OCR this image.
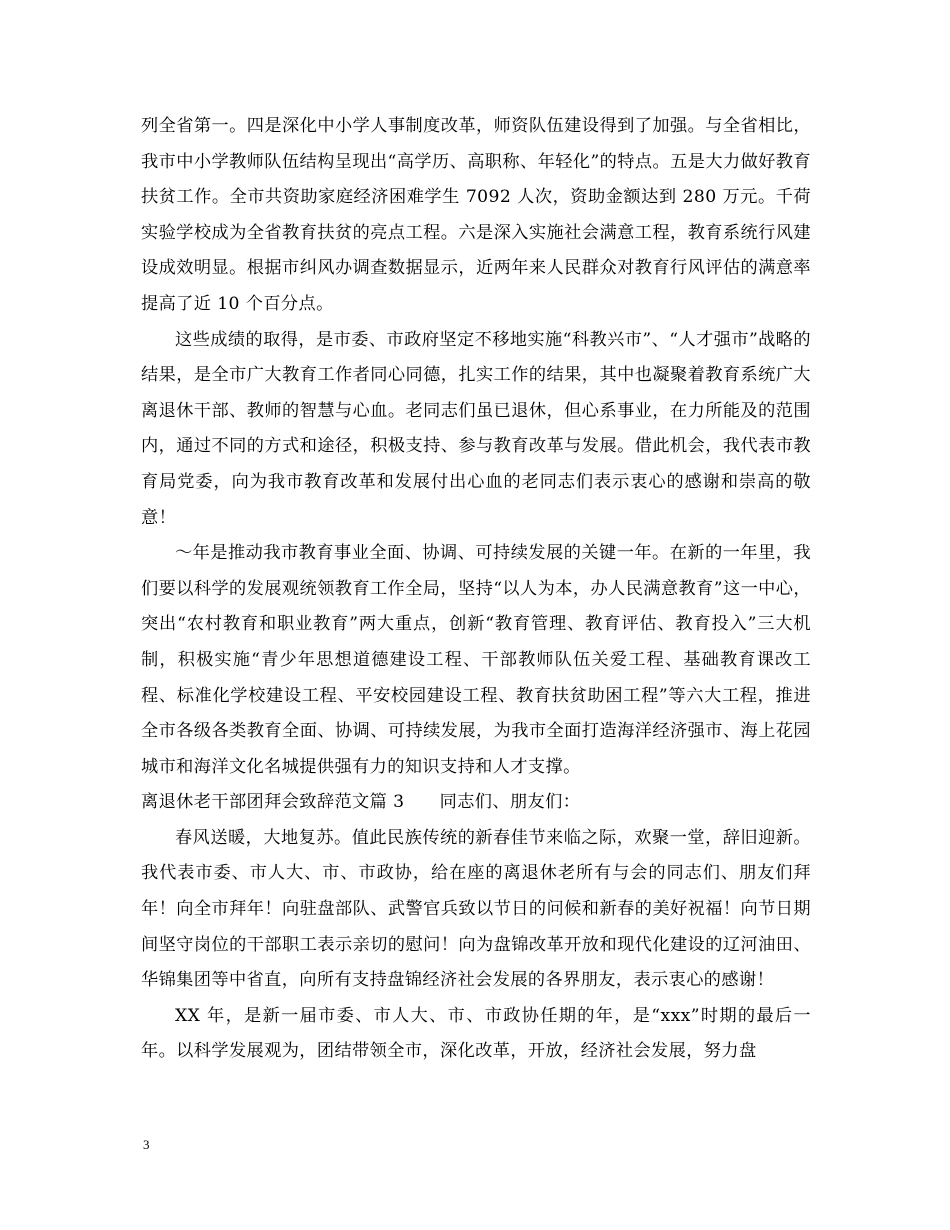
列全省第一。四是深化中小学人事制度改革，师资队伍建设得到了加强。与全省相比，我市中小学教师队伍结构呈现出“高学历、高职称、年轻化”的特点。五是大力做好教育扶贫工作。全市共资助家庭经济困难学生 7092 人次，资助金额达到 280 万元。千荷实验学校成为全省教育扶贫的亮点工程。六是深入实施社会满意工程，教育系统行风建设成效明显。根据市纠风办调查数据显示，近两年来人民群众对教育行风评估的满意率提高了近 10 个百分点。

这些成绩的取得，是市委、市政府坚定不移地实施“科教兴市”、“人才强市”战略的结果，是全市广大教育工作者同心同德，扎实工作的结果，其中也凝聚着教育系统广大离退休干部、教师的智慧与心血。老同志们虽已退休，但心系事业，在力所能及的范围内，通过不同的方式和途径，积极支持、参与教育改革与发展。借此机会，我代表市教育局党委，向为我市教育改革和发展付出心血的老同志们表示衷心的感谢和崇高的敬意！

～年是推动我市教育事业全面、协调、可持续发展的关键一年。在新的一年里，我们要以科学的发展观统领教育工作全局，坚持“以人为本，办人民满意教育”这一中心，突出“农村教育和职业教育”两大重点，创新“教育管理、教育评估、教育投入”三大机制，积极实施“青少年思想道德建设工程、干部教师队伍关爱工程、基础教育课改工程、标准化学校建设工程、平安校园建设工程、教育扶贫助困工程”等六大工程，推进全市各级各类教育全面、协调、可持续发展，为我市全面打造海洋经济强市、海上花园城市和海洋文化名城提供强有力的知识支持和人才支撑。

离退休老干部团拜会致辞范文篇 3　　同志们、朋友们：

春风送暖，大地复苏。值此民族传统的新春佳节来临之际，欢聚一堂，辞旧迎新。我代表市委、市人大、市、市政协，给在座的离退休老所有与会的同志们、朋友们拜年！向全市拜年！向驻盘部队、武警官兵致以节日的问候和新春的美好祝福！向节日期间坚守岗位的干部职工表示亲切的慰问！向为盘锦改革开放和现代化建设的辽河油田、华锦集团等中省直，向所有支持盘锦经济社会发展的各界朋友，表示衷心的感谢！

XX 年，是新一届市委、市人大、市、市政协任期的年，是“xxx”时期的最后一年。以科学发展观为，团结带领全市，深化改革，开放，经济社会发展，努力盘

3
